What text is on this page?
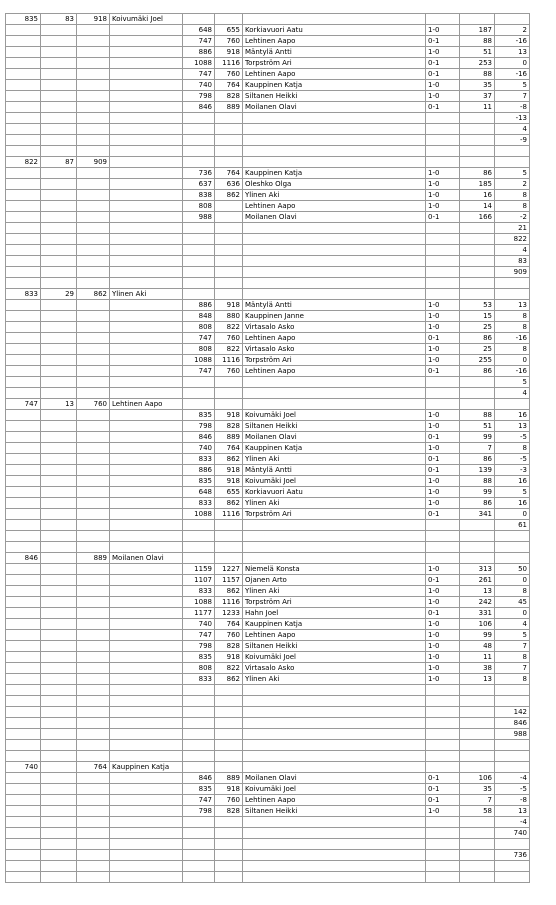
835	83	918	Koivumäki Joel						
				648	655	Korkiavuori Aatu	1-0	187	2
				747	760	Lehtinen Aapo	0-1	88	-16
				886	918	Mäntylä Antti	1-0	51	13
				1088	1116	Torpström Ari	0-1	253	0
				747	760	Lehtinen Aapo	0-1	88	-16
				740	764	Kauppinen Katja	1-0	35	5
				798	828	Siltanen Heikki	1-0	37	7
				846	889	Moilanen Olavi	0-1	11	-8
									-13
									4
									-9

822	87	909							
				736	764	Kauppinen Katja	1-0	86	5
				637	636	Oleshko Olga	1-0	185	2
				838	862	Ylinen Aki	1-0	16	8
				808		Lehtinen Aapo	1-0	14	8
				988		Moilanen Olavi	0-1	166	-2
									21
									822
									4
									83
									909

833	29	862	Ylinen Aki						
				886	918	Mäntylä Antti	1-0	53	13
				848	880	Kauppinen Janne	1-0	15	8
				808	822	Virtasalo Asko	1-0	25	8
				747	760	Lehtinen Aapo	0-1	86	-16
				808	822	Virtasalo Asko	1-0	25	8
				1088	1116	Torpström Ari	1-0	255	0
				747	760	Lehtinen Aapo	0-1	86	-16
									5
									4
747	13	760	Lehtinen Aapo						
				835	918	Koivumäki Joel	1-0	88	16
				798	828	Siltanen Heikki	1-0	51	13
				846	889	Moilanen Olavi	0-1	99	-5
				740	764	Kauppinen Katja	1-0	7	8
				833	862	Ylinen Aki	0-1	86	-5
				886	918	Mäntylä Antti	0-1	139	-3
				835	918	Koivumäki Joel	1-0	88	16
				648	655	Korkiavuori Aatu	1-0	99	5
				833	862	Ylinen Aki	1-0	86	16
				1088	1116	Torpström Ari	0-1	341	0
									61

846		889	Moilanen Olavi						
				1159	1227	Niemelä Konsta	1-0	313	50
				1107	1157	Ojanen Arto	0-1	261	0
				833	862	Ylinen Aki	1-0	13	8
				1088	1116	Torpström Ari	1-0	242	45
				1177	1233	Hahn Joel	0-1	331	0
				740	764	Kauppinen Katja	1-0	106	4
				747	760	Lehtinen Aapo	1-0	99	5
				798	828	Siltanen Heikki	1-0	48	7
				835	918	Koivumäki Joel	1-0	11	8
				808	822	Virtasalo Asko	1-0	38	7
				833	862	Ylinen Aki	1-0	13	8

									142
									846
									988

740		764	Kauppinen Katja						
				846	889	Moilanen Olavi	0-1	106	-4
				835	918	Koivumäki Joel	0-1	35	-5
				747	760	Lehtinen Aapo	0-1	7	-8
				798	828	Siltanen Heikki	1-0	58	13
									-4
									740

									736
